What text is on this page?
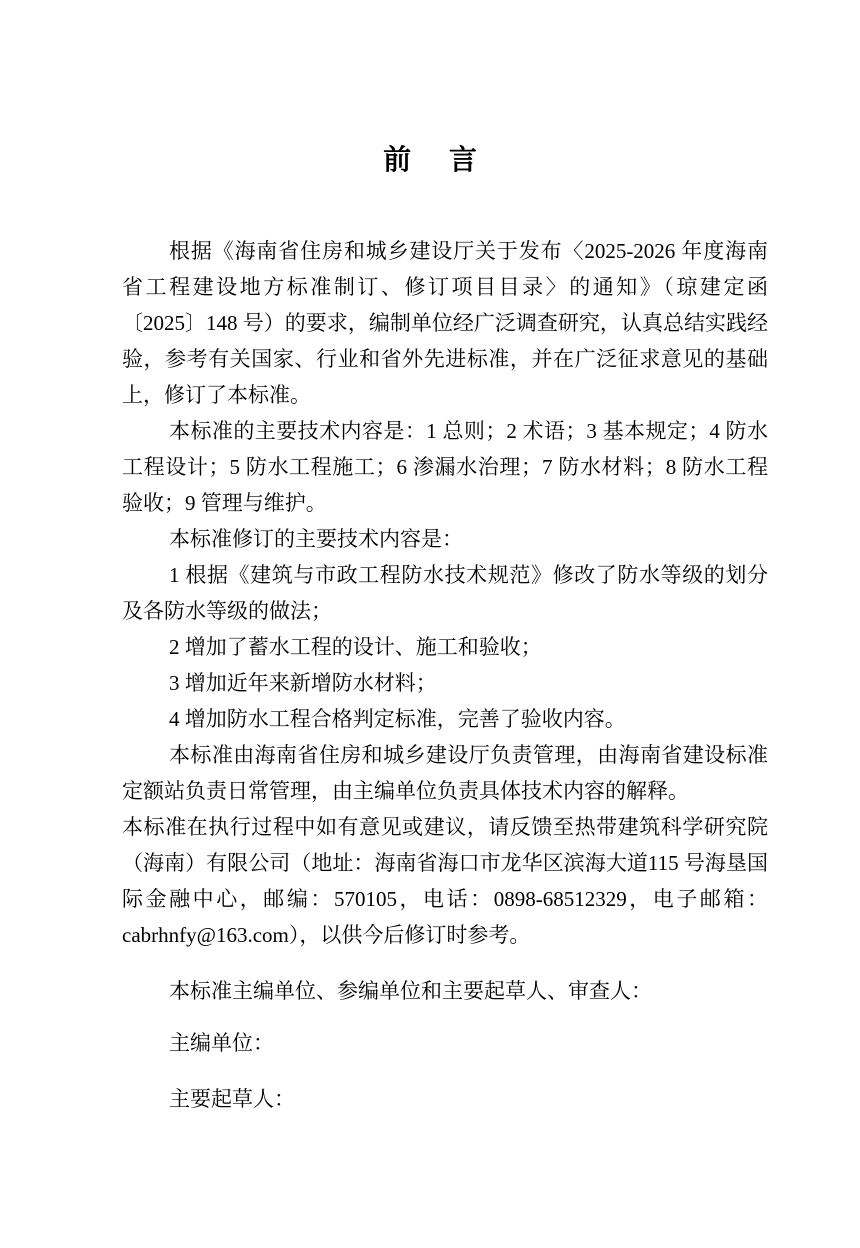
前 言

根据《海南省住房和城乡建设厅关于发布〈2025-2026 年度海南省工程建设地方标准制订、修订项目目录〉的通知》（琼建定函〔2025〕148 号）的要求，编制单位经广泛调查研究，认真总结实践经验，参考有关国家、行业和省外先进标准，并在广泛征求意见的基础上，修订了本标准。

本标准的主要技术内容是：1 总则；2 术语；3 基本规定；4 防水工程设计；5 防水工程施工；6 渗漏水治理；7 防水材料；8 防水工程验收；9 管理与维护。

本标准修订的主要技术内容是：

1 根据《建筑与市政工程防水技术规范》修改了防水等级的划分及各防水等级的做法；

2 增加了蓄水工程的设计、施工和验收；

3 增加近年来新增防水材料；

4 增加防水工程合格判定标准，完善了验收内容。

本标准由海南省住房和城乡建设厅负责管理，由海南省建设标准定额站负责日常管理，由主编单位负责具体技术内容的解释。

本标准在执行过程中如有意见或建议，请反馈至热带建筑科学研究院（海南）有限公司（地址：海南省海口市龙华区滨海大道115 号海垦国际金融中心，邮编：570105，电话：0898-68512329，电子邮箱：cabrhnfy@163.com），以供今后修订时参考。

本标准主编单位、参编单位和主要起草人、审查人：

主编单位：

主要起草人：
